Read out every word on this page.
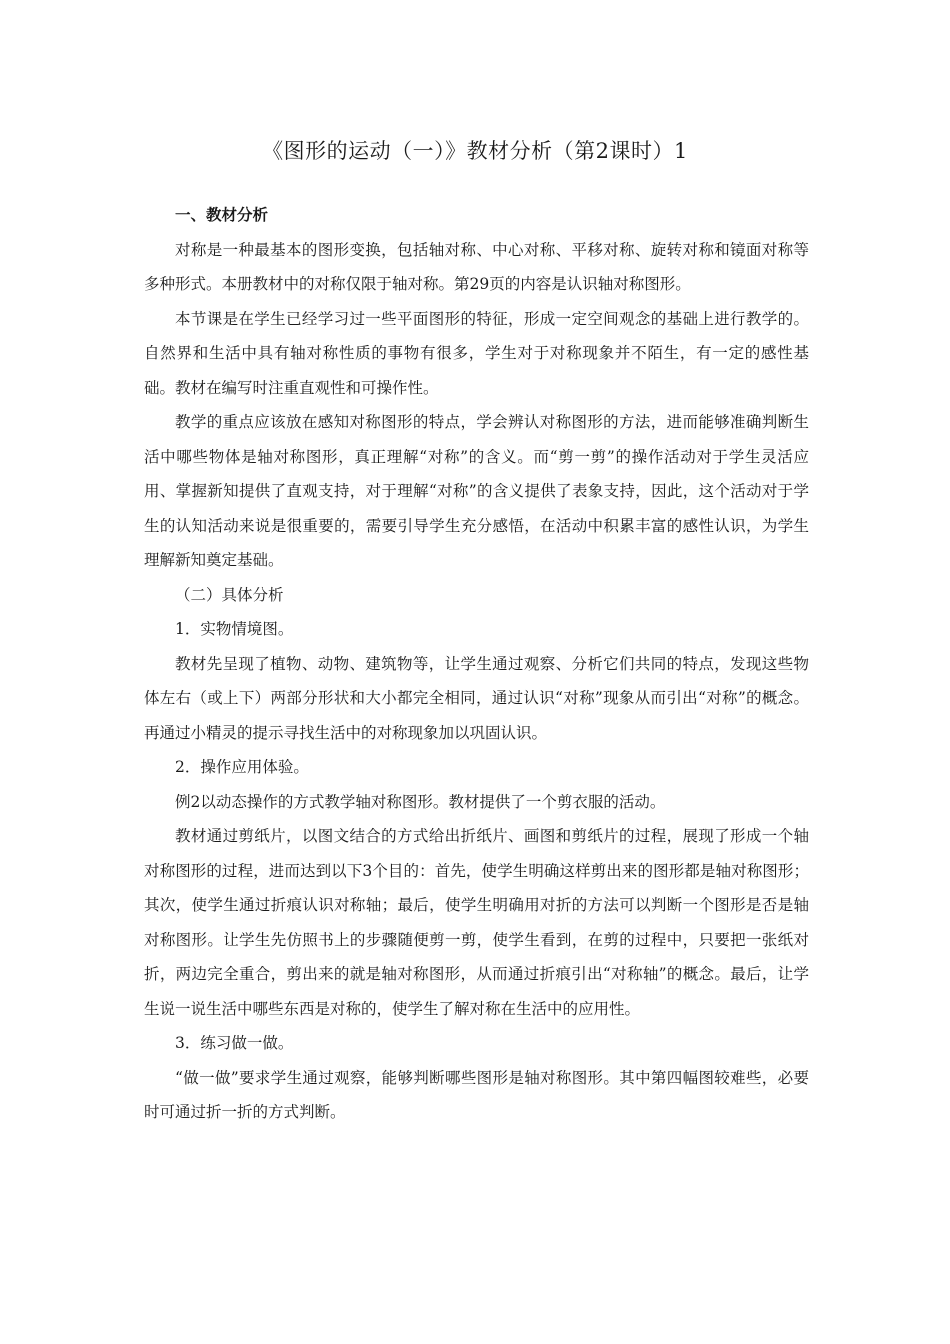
《图形的运动（一）》教材分析（第2课时）1

一、教材分析

对称是一种最基本的图形变换，包括轴对称、中心对称、平移对称、旋转对称和镜面对称等多种形式。本册教材中的对称仅限于轴对称。第29页的内容是认识轴对称图形。

本节课是在学生已经学习过一些平面图形的特征，形成一定空间观念的基础上进行教学的。自然界和生活中具有轴对称性质的事物有很多，学生对于对称现象并不陌生，有一定的感性基础。教材在编写时注重直观性和可操作性。

教学的重点应该放在感知对称图形的特点，学会辨认对称图形的方法，进而能够准确判断生活中哪些物体是轴对称图形，真正理解“对称”的含义。而“剪一剪”的操作活动对于学生灵活应用、掌握新知提供了直观支持，对于理解“对称”的含义提供了表象支持，因此，这个活动对于学生的认知活动来说是很重要的，需要引导学生充分感悟，在活动中积累丰富的感性认识，为学生理解新知奠定基础。

（二）具体分析

1．实物情境图。

教材先呈现了植物、动物、建筑物等，让学生通过观察、分析它们共同的特点，发现这些物体左右（或上下）两部分形状和大小都完全相同，通过认识“对称”现象从而引出“对称”的概念。再通过小精灵的提示寻找生活中的对称现象加以巩固认识。

2．操作应用体验。

例2以动态操作的方式教学轴对称图形。教材提供了一个剪衣服的活动。

教材通过剪纸片，以图文结合的方式给出折纸片、画图和剪纸片的过程，展现了形成一个轴对称图形的过程，进而达到以下3个目的：首先，使学生明确这样剪出来的图形都是轴对称图形；其次，使学生通过折痕认识对称轴；最后，使学生明确用对折的方法可以判断一个图形是否是轴对称图形。让学生先仿照书上的步骤随便剪一剪，使学生看到，在剪的过程中，只要把一张纸对折，两边完全重合，剪出来的就是轴对称图形，从而通过折痕引出“对称轴”的概念。最后，让学生说一说生活中哪些东西是对称的，使学生了解对称在生活中的应用性。

3．练习做一做。

“做一做”要求学生通过观察，能够判断哪些图形是轴对称图形。其中第四幅图较难些，必要时可通过折一折的方式判断。
